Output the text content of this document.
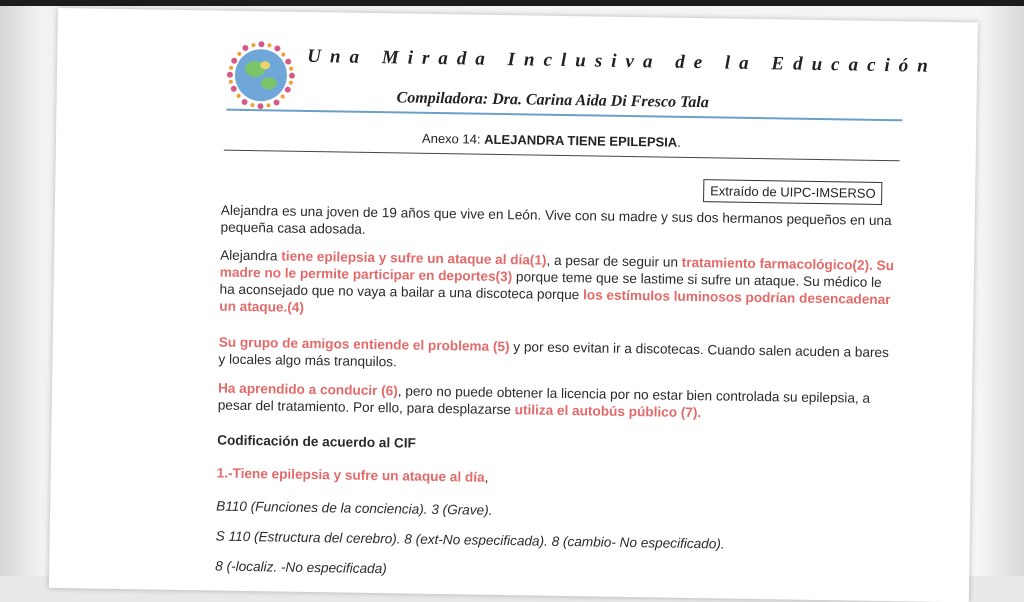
Una Mirada Inclusiva de la Educación
Compiladora: Dra. Carina Aida Di Fresco Tala
Anexo 14: ALEJANDRA TIENE EPILEPSIA.
Extraído de UIPC-IMSERSO
Alejandra es una joven de 19 años que vive en León. Vive con su madre y sus dos hermanos pequeños en una pequeña casa adosada.
Alejandra tiene epilepsia y sufre un ataque al día(1), a pesar de seguir un tratamiento farmacológico(2). Su madre no le permite participar en deportes(3) porque teme que se lastime si sufre un ataque. Su médico le ha aconsejado que no vaya a bailar a una discoteca porque los estímulos luminosos podrían desencadenar un ataque.(4)
Su grupo de amigos entiende el problema (5) y por eso evitan ir a discotecas. Cuando salen acuden a bares y locales algo más tranquilos.
Ha aprendido a conducir (6), pero no puede obtener la licencia por no estar bien controlada su epilepsia, a pesar del tratamiento. Por ello, para desplazarse utiliza el autobús público (7).
Codificación de acuerdo al CIF
1.-Tiene epilepsia y sufre un ataque al día,
B110 (Funciones de la conciencia). 3 (Grave).
S 110 (Estructura del cerebro). 8 (ext-No especificada). 8 (cambio- No especificado).
8 (-localiz. -No especificada)
